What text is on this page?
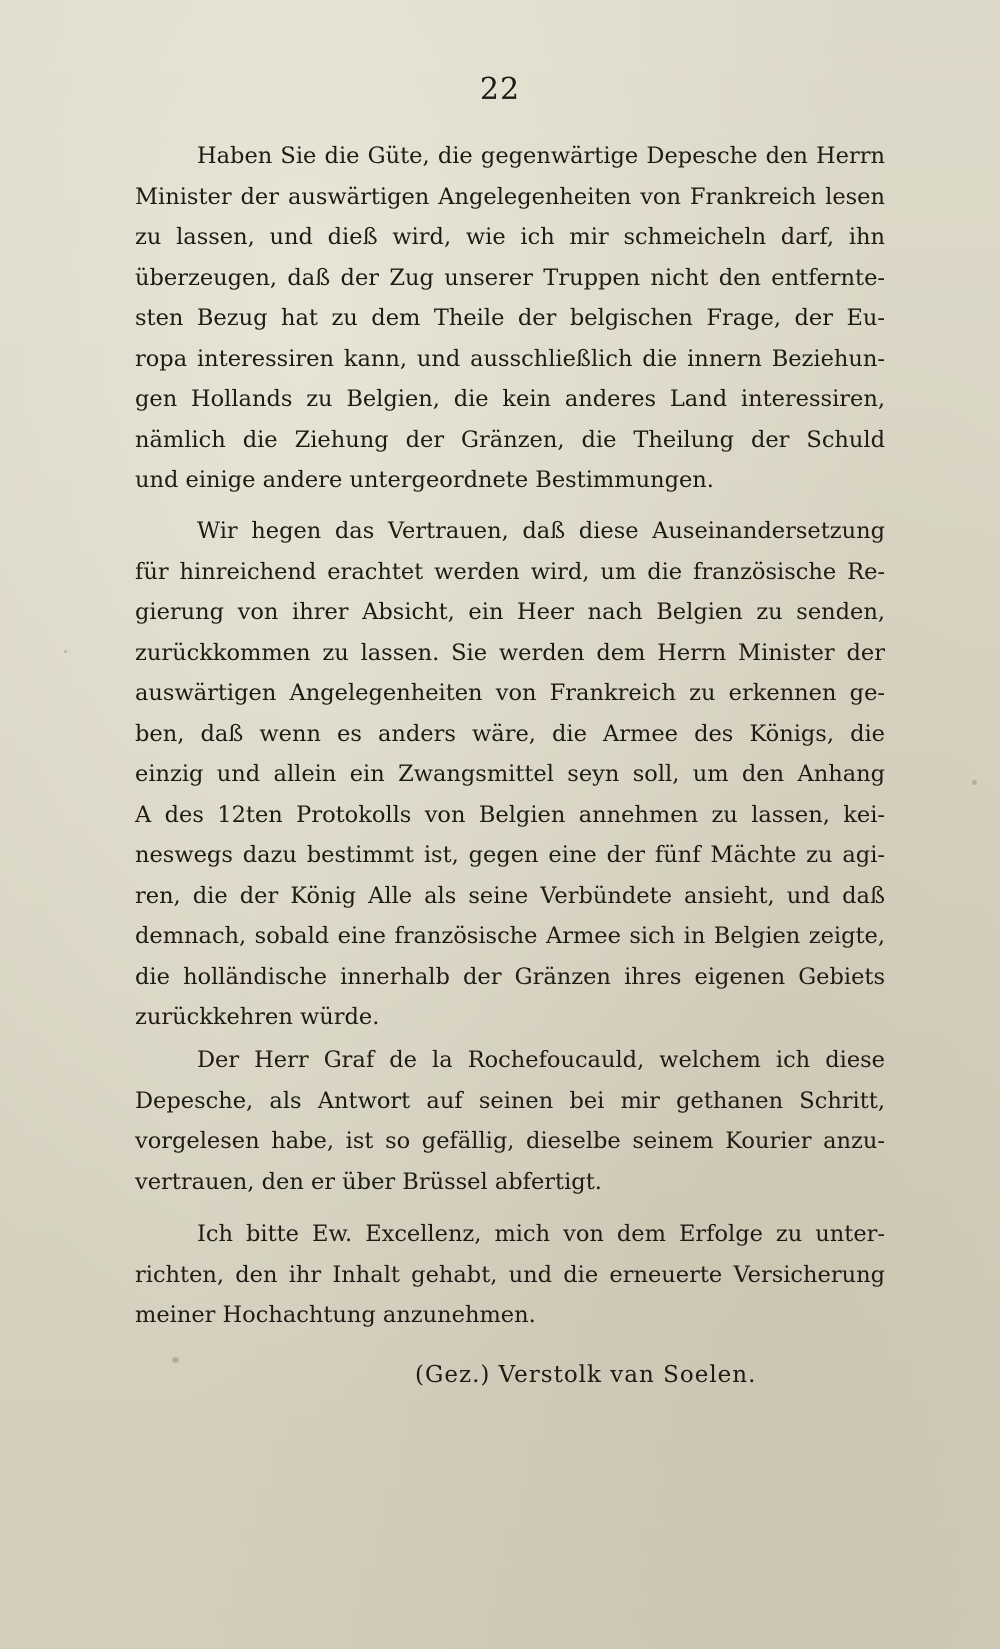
22
Haben Sie die Güte, die gegenwärtige Depesche den Herrn
Minister der auswärtigen Angelegenheiten von Frankreich lesen
zu lassen, und dieß wird, wie ich mir schmeicheln darf, ihn
überzeugen, daß der Zug unserer Truppen nicht den entfernte-
sten Bezug hat zu dem Theile der belgischen Frage, der Eu-
ropa interessiren kann, und ausschließlich die innern Beziehun-
gen Hollands zu Belgien, die kein anderes Land interessiren,
nämlich die Ziehung der Gränzen, die Theilung der Schuld
und einige andere untergeordnete Bestimmungen.
Wir hegen das Vertrauen, daß diese Auseinandersetzung
für hinreichend erachtet werden wird, um die französische Re-
gierung von ihrer Absicht, ein Heer nach Belgien zu senden,
zurückkommen zu lassen. Sie werden dem Herrn Minister der
auswärtigen Angelegenheiten von Frankreich zu erkennen ge-
ben, daß wenn es anders wäre, die Armee des Königs, die
einzig und allein ein Zwangsmittel seyn soll, um den Anhang
A des 12ten Protokolls von Belgien annehmen zu lassen, kei-
neswegs dazu bestimmt ist, gegen eine der fünf Mächte zu agi-
ren, die der König Alle als seine Verbündete ansieht, und daß
demnach, sobald eine französische Armee sich in Belgien zeigte,
die holländische innerhalb der Gränzen ihres eigenen Gebiets
zurückkehren würde.
Der Herr Graf de la Rochefoucauld, welchem ich diese
Depesche, als Antwort auf seinen bei mir gethanen Schritt,
vorgelesen habe, ist so gefällig, dieselbe seinem Kourier anzu-
vertrauen, den er über Brüssel abfertigt.
Ich bitte Ew. Excellenz, mich von dem Erfolge zu unter-
richten, den ihr Inhalt gehabt, und die erneuerte Versicherung
meiner Hochachtung anzunehmen.
(Gez.) Verstolk van Soelen.
